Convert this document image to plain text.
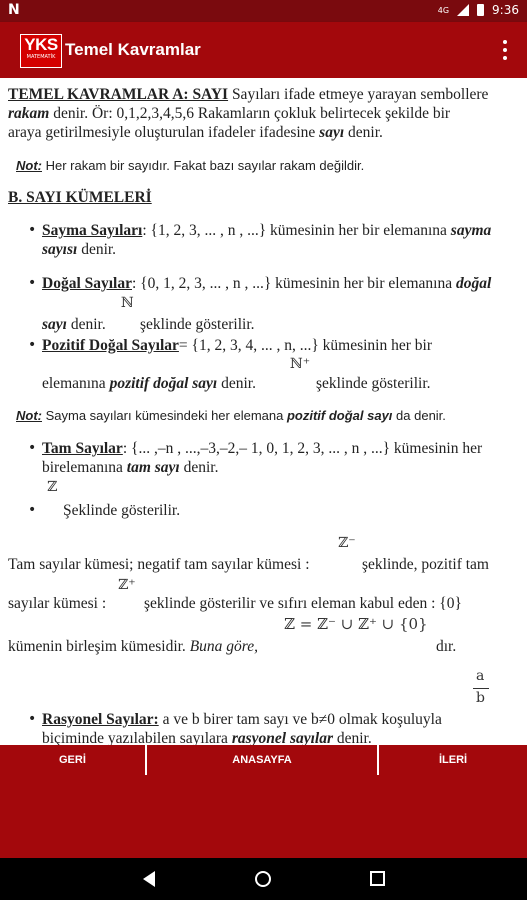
N	4G	9:36
YKS
MATEMATİK Temel Kavramlar
TEMEL KAVRAMLAR A: SAYI Sayıları ifade etmeye yarayan sembollere
rakam denir. Ör: 0,1,2,3,4,5,6 Rakamların çokluk belirtecek şekilde bir
araya getirilmesiyle oluşturulan ifadeler ifadesine sayı denir.
Not: Her rakam bir sayıdır. Fakat bazı sayılar rakam değildir.
B. SAYI KÜMELERİ
• Sayma Sayıları: {1, 2, 3, ... , n , ...} kümesinin her bir elemanına sayma
sayısı denir.
• Doğal Sayılar: {0, 1, 2, 3, ... , n , ...} kümesinin her bir elemanına doğal
ℕ
sayı denir. şeklinde gösterilir.
• Pozitif Doğal Sayılar= {1, 2, 3, 4, ... , n, ...} kümesinin her bir
ℕ⁺
elemanına pozitif doğal sayı denir.	şeklinde gösterilir.
Not: Sayma sayıları kümesindeki her elemana pozitif doğal sayı da denir.
• Tam Sayılar: {... ,–n , ...,–3,–2,– 1, 0, 1, 2, 3, ... , n , ...} kümesinin her
birelemanına tam sayı denir.
ℤ
• Şeklinde gösterilir.
ℤ⁻
Tam sayılar kümesi; negatif tam sayılar kümesi :	şeklinde, pozitif tam
ℤ⁺
sayılar kümesi : şeklinde gösterilir ve sıfırı eleman kabul eden : {0}
ℤ = ℤ⁻ ∪ ℤ⁺ ∪ {0}
kümenin birleşim kümesidir. Buna göre,	dır.
a
b
• Rasyonel Sayılar: a ve b birer tam sayı ve b≠0 olmak koşuluyla
biçiminde yazılabilen sayılara rasyonel sayılar denir.
GERİ	ANASAYFA	İLERİ
